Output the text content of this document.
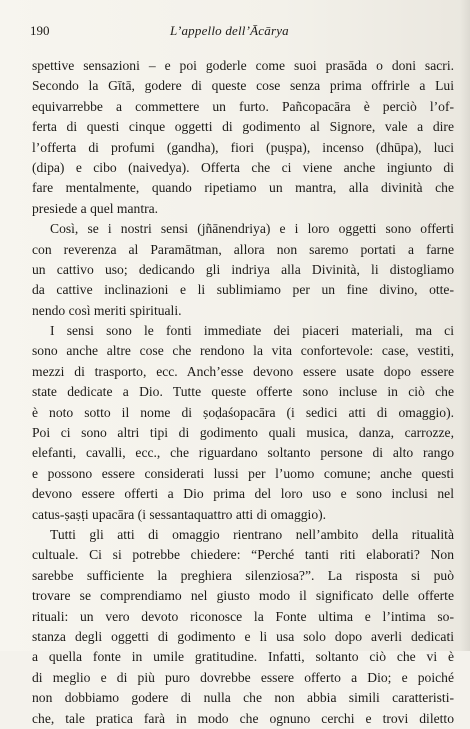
190	L’appello dell’Ācārya
spettive sensazioni – e poi goderle come suoi prasāda o doni sacri.
Secondo la Gītā, godere di queste cose senza prima offrirle a Lui
equivarrebbe a commettere un furto. Pañcopacāra è perciò l’of-
ferta di questi cinque oggetti di godimento al Signore, vale a dire
l’offerta di profumi (gandha), fiori (puṣpa), incenso (dhūpa), luci
(dipa) e cibo (naivedya). Offerta che ci viene anche ingiunto di
fare mentalmente, quando ripetiamo un mantra, alla divinità che
presiede a quel mantra.
Così, se i nostri sensi (jñānendriya) e i loro oggetti sono offerti
con reverenza al Paramātman, allora non saremo portati a farne
un cattivo uso; dedicando gli indriya alla Divinità, li distogliamo
da cattive inclinazioni e li sublimiamo per un fine divino, otte-
nendo così meriti spirituali.
I sensi sono le fonti immediate dei piaceri materiali, ma ci
sono anche altre cose che rendono la vita confortevole: case, vestiti,
mezzi di trasporto, ecc. Anch’esse devono essere usate dopo essere
state dedicate a Dio. Tutte queste offerte sono incluse in ciò che
è noto sotto il nome di ṣoḍaśopacāra (i sedici atti di omaggio).
Poi ci sono altri tipi di godimento quali musica, danza, carrozze,
elefanti, cavalli, ecc., che riguardano soltanto persone di alto rango
e possono essere considerati lussi per l’uomo comune; anche questi
devono essere offerti a Dio prima del loro uso e sono inclusi nel
catus-ṣaṣṭi upacāra (i sessantaquattro atti di omaggio).
Tutti gli atti di omaggio rientrano nell’ambito della ritualità
cultuale. Ci si potrebbe chiedere: “Perché tanti riti elaborati? Non
sarebbe sufficiente la preghiera silenziosa?”. La risposta si può
trovare se comprendiamo nel giusto modo il significato delle offerte
rituali: un vero devoto riconosce la Fonte ultima e l’intima so-
stanza degli oggetti di godimento e li usa solo dopo averli dedicati
a quella fonte in umile gratitudine. Infatti, soltanto ciò che vi è
di meglio e di più puro dovrebbe essere offerto a Dio; e poiché
non dobbiamo godere di nulla che non abbia simili caratteristi-
che, tale pratica farà in modo che ognuno cerchi e trovi diletto
